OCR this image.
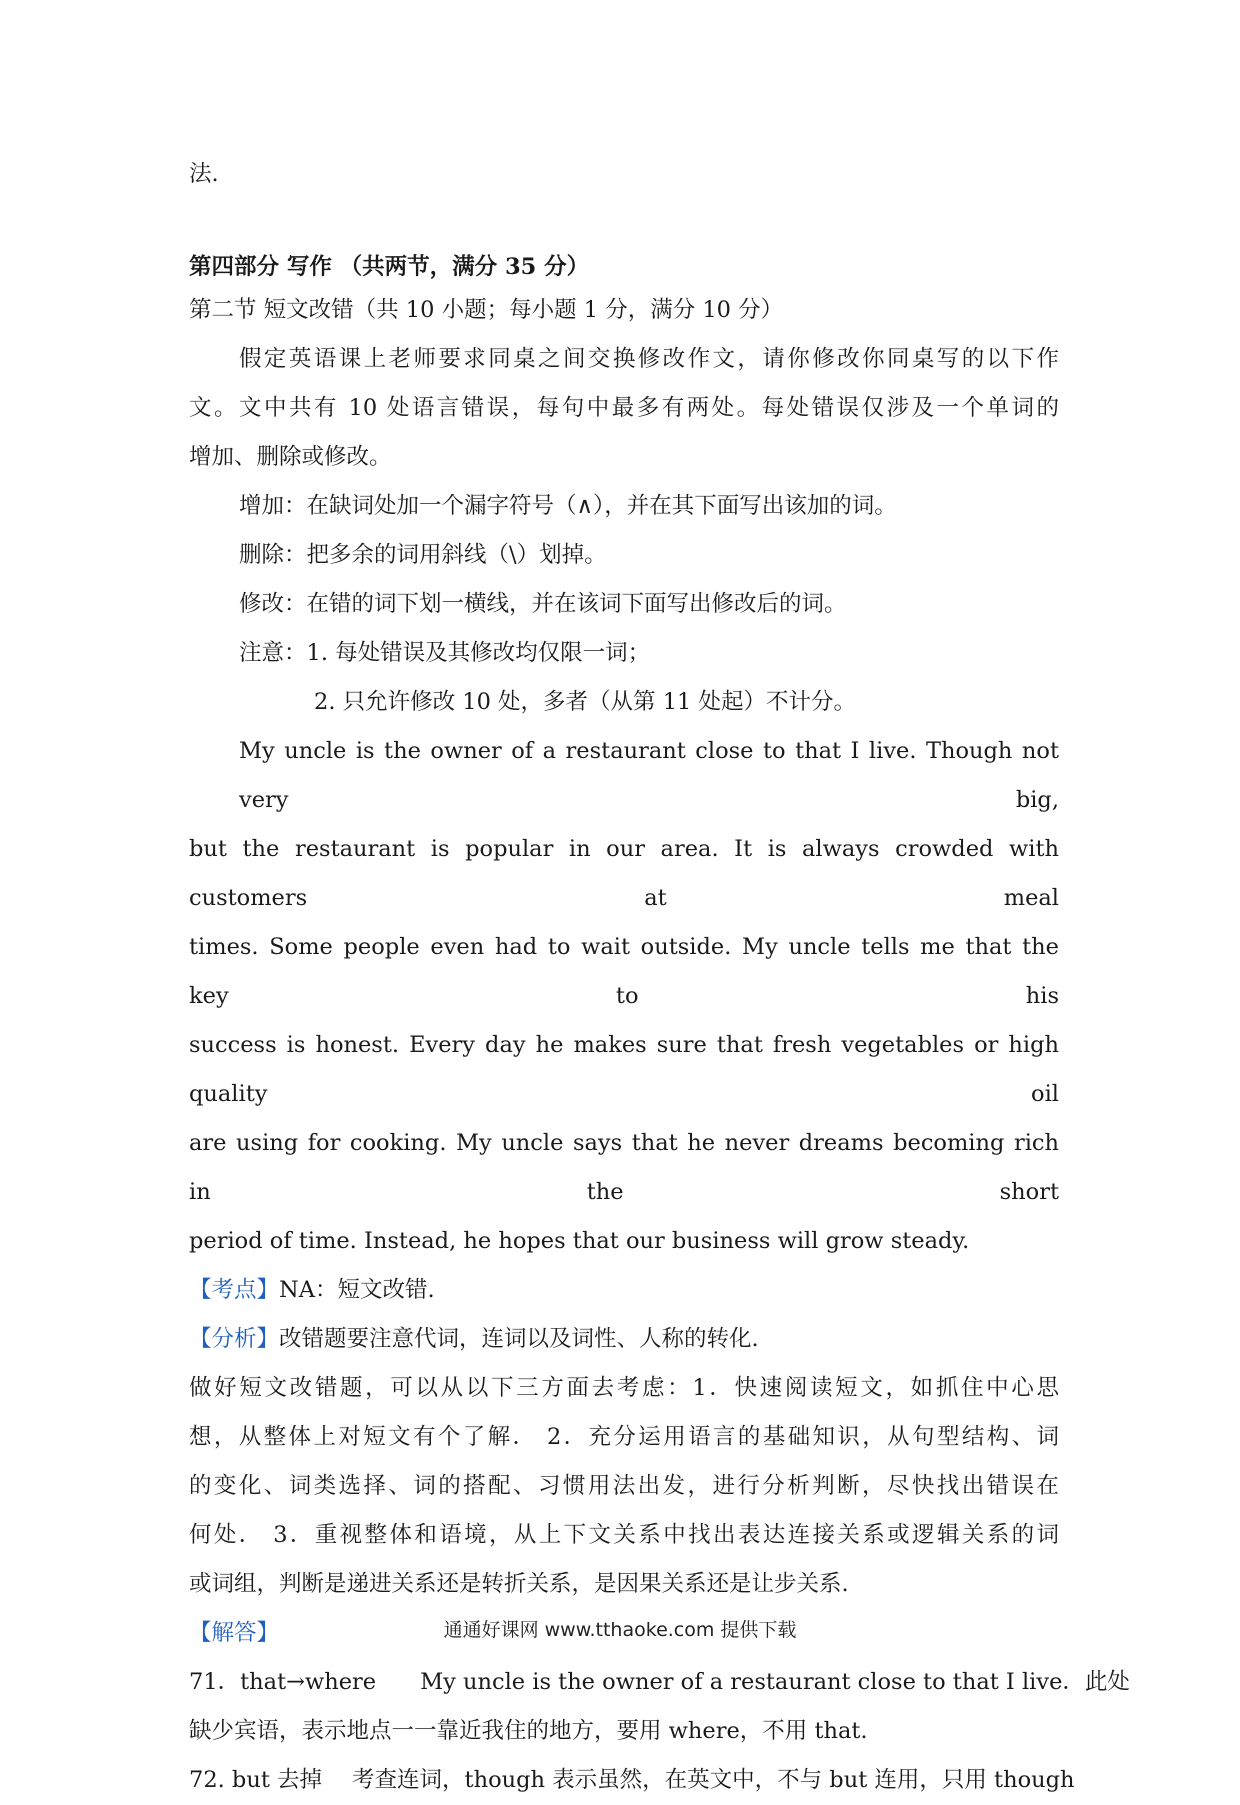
法.
第四部分 写作 （共两节，满分 35 分）
第二节 短文改错（共 10 小题；每小题 1 分，满分 10 分）
假定英语课上老师要求同桌之间交换修改作文，请你修改你同桌写的以下作
文。文中共有 10 处语言错误，每句中最多有两处。每处错误仅涉及一个单词的
增加、删除或修改。
增加：在缺词处加一个漏字符号（∧），并在其下面写出该加的词。
删除：把多余的词用斜线（\）划掉。
修改：在错的词下划一横线，并在该词下面写出修改后的词。
注意：1. 每处错误及其修改均仅限一词；
2. 只允许修改 10 处，多者（从第 11 处起）不计分。
My uncle is the owner of a restaurant close to that I live. Though not very big,
but the restaurant is popular in our area. It is always crowded with customers at meal
times. Some people even had to wait outside. My uncle tells me that the key to his
success is honest. Every day he makes sure that fresh vegetables or high quality oil
are using for cooking. My uncle says that he never dreams becoming rich in the short
period of time. Instead, he hopes that our business will grow steady.
【考点】NA：短文改错.
【分析】改错题要注意代词，连词以及词性、人称的转化.
做好短文改错题，可以从以下三方面去考虑：1．快速阅读短文，如抓住中心思
想，从整体上对短文有个了解． 2．充分运用语言的基础知识，从句型结构、词
的变化、词类选择、词的搭配、习惯用法出发，进行分析判断，尽快找出错误在
何处． 3．重视整体和语境，从上下文关系中找出表达连接关系或逻辑关系的词
或词组，判断是递进关系还是转折关系，是因果关系还是让步关系.
【解答】
71．that→where My uncle is the owner of a restaurant close to that I live．此处
缺少宾语，表示地点一一靠近我住的地方，要用 where，不用 that.
72. but 去掉 考查连词，though 表示虽然，在英文中，不与 but 连用，只用 though
通通好课网 www.tthaoke.com 提供下载
